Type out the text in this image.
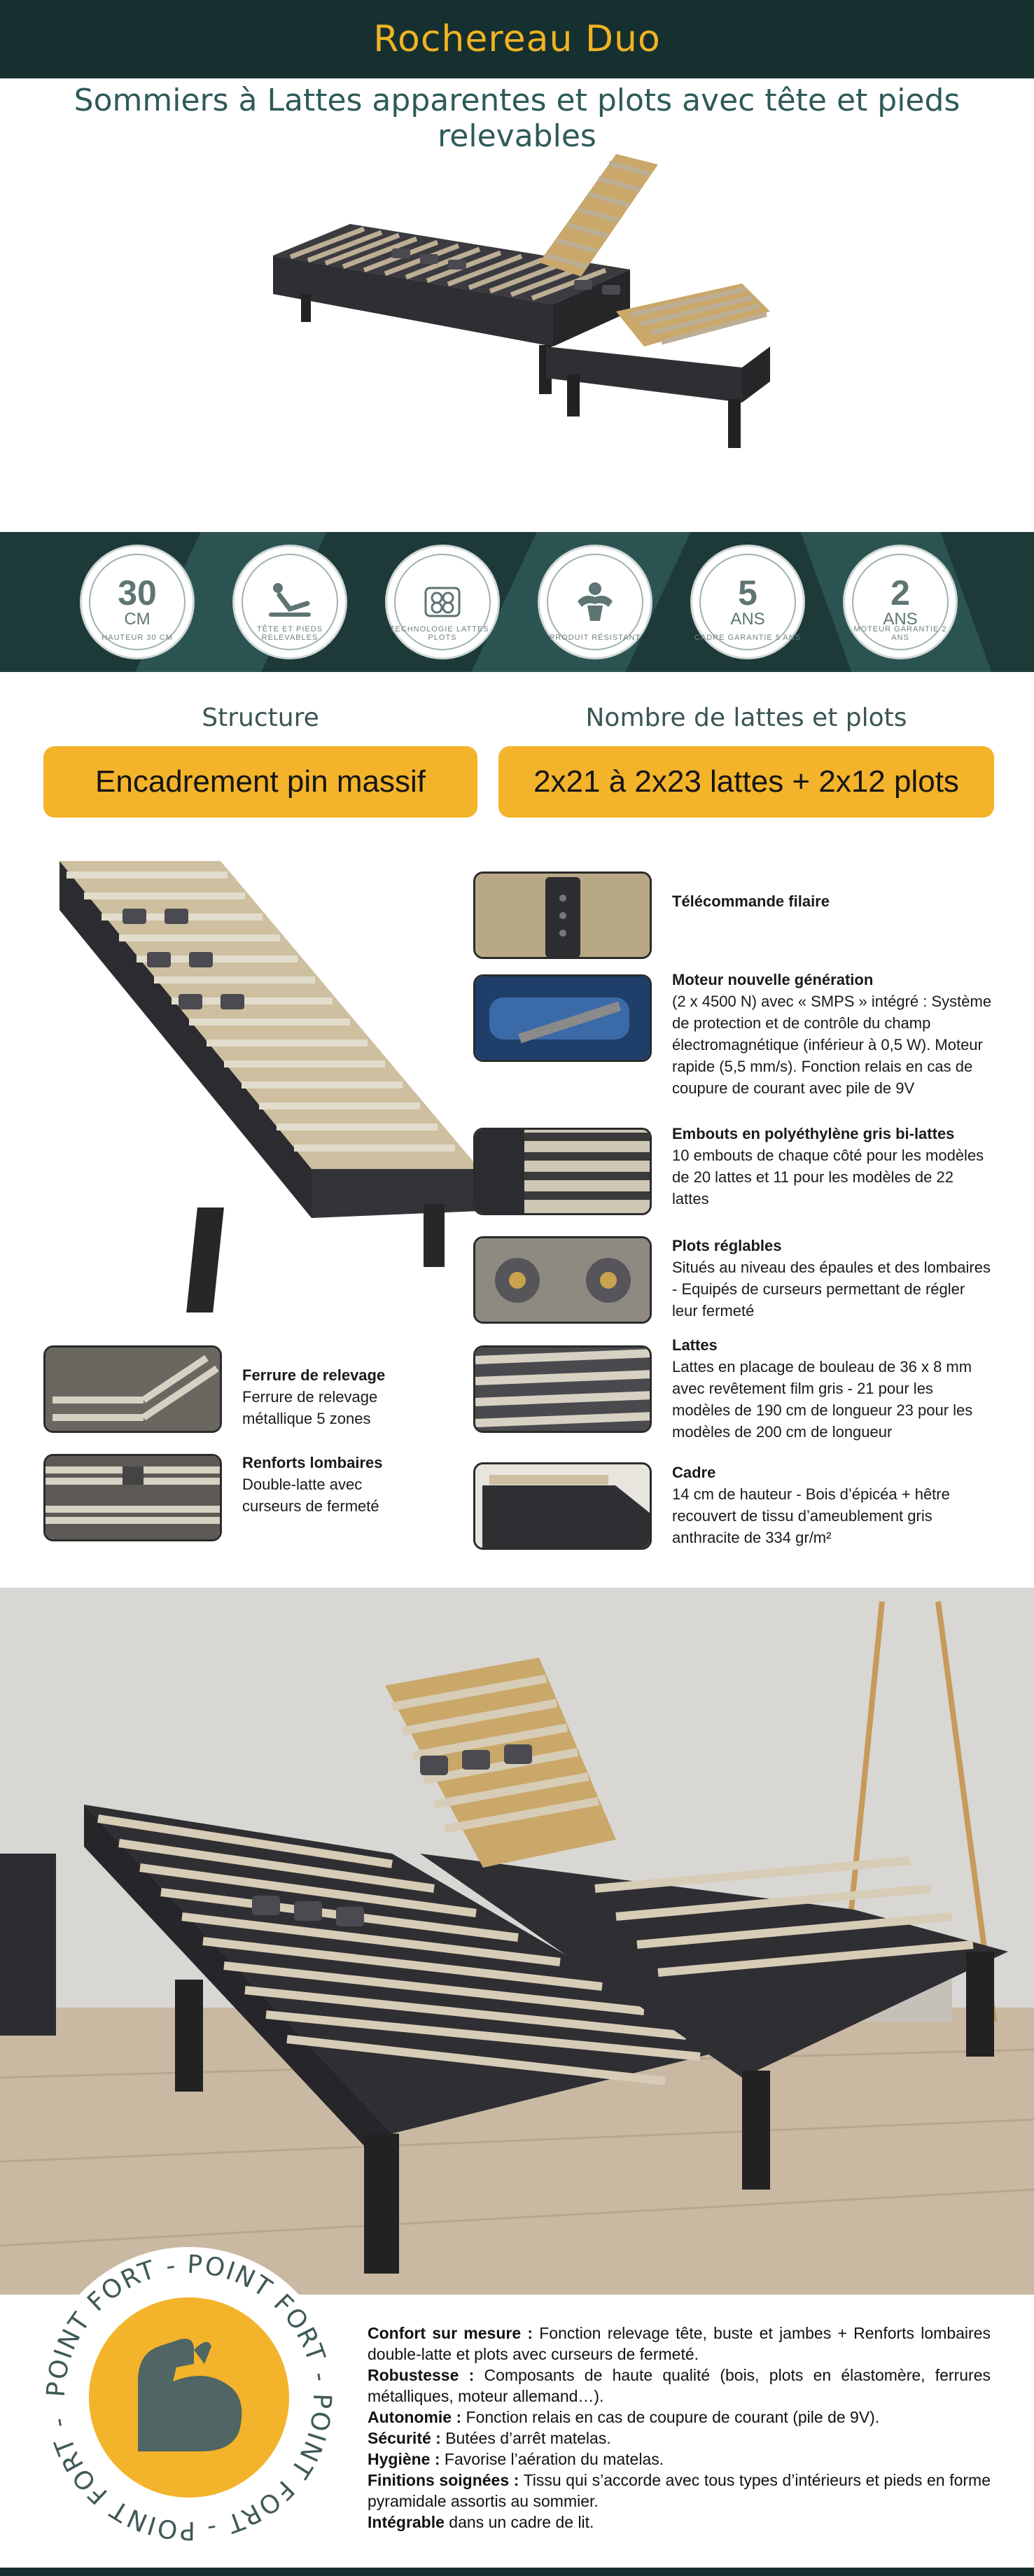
Rochereau Duo
Sommiers à Lattes apparentes et plots avec tête et pieds relevables
30
CM
HAUTEUR 30 CM
TÊTE ET PIEDS RELEVABLES
TECHNOLOGIE LATTES - PLOTS	PRODUIT RÉSISTANT
5
ANS
CADRE GARANTIE 5 ANS
2
ANS
MOTEUR GARANTIE 2 ANS
Structure	Nombre de lattes et plots
Encadrement pin massif	2x21 à 2x23 lattes + 2x12 plots
Télécommande filaire
Moteur nouvelle génération
(2 x 4500 N) avec « SMPS » intégré : Système de protection et de contrôle du champ électromagnétique (inférieur à 0,5 W). Moteur rapide (5,5 mm/s). Fonction relais en cas de coupure de courant avec pile de 9V
Embouts en polyéthylène gris bi-lattes
10 embouts de chaque côté pour les modèles de 20 lattes et 11 pour les modèles de 22 lattes
Plots réglables
Situés au niveau des épaules et des lombaires - Equipés de curseurs permettant de régler leur fermeté
Lattes
Lattes en placage de bouleau de 36 x 8 mm avec revêtement film gris - 21 pour les modèles de 190 cm de longueur 23 pour les modèles de 200 cm de longueur
Cadre
14 cm de hauteur - Bois d’épicéa + hêtre recouvert de tissu d’ameublement gris anthracite de 334 gr/m²
Ferrure de relevage
Ferrure de relevage métallique 5 zones
Renforts lombaires
Double-latte avec curseurs de fermeté
POINT FORT - POINT FORT - POINT FORT - POINT FORT -

Confort sur mesure : Fonction relevage tête, buste et jambes + Renforts lombaires double-latte et plots avec curseurs de fermeté.

Robustesse : Composants de haute qualité (bois, plots en élastomère, ferrures métalliques, moteur allemand…).

Autonomie : Fonction relais en cas de coupure de courant (pile de 9V).

Sécurité : Butées d’arrêt matelas.

Hygiène : Favorise l’aération du matelas.

Finitions soignées : Tissu qui s’accorde avec tous types d’intérieurs et pieds en forme pyramidale assortis au sommier.

Intégrable dans un cadre de lit.
